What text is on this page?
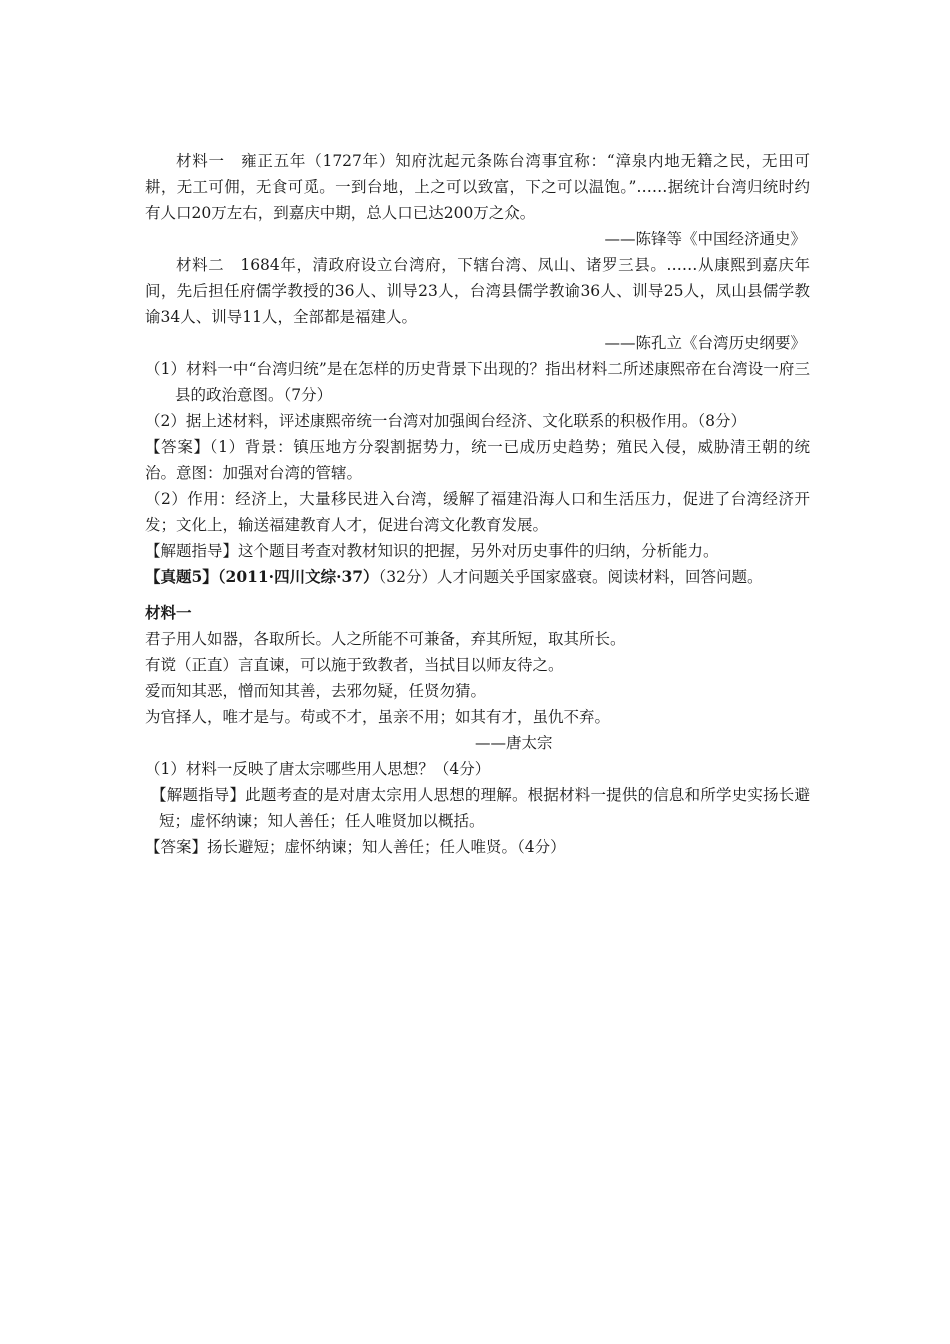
材料一　雍正五年（1727年）知府沈起元条陈台湾事宜称：“漳泉内地无籍之民，无田可耕，无工可佣，无食可觅。一到台地，上之可以致富，下之可以温饱。”……据统计台湾归统时约有人口20万左右，到嘉庆中期，总人口已达200万之众。

——陈锋等《中国经济通史》

材料二　1684年，清政府设立台湾府，下辖台湾、凤山、诸罗三县。……从康熙到嘉庆年间，先后担任府儒学教授的36人、训导23人，台湾县儒学教谕36人、训导25人，凤山县儒学教谕34人、训导11人，全部都是福建人。

——陈孔立《台湾历史纲要》

（1）材料一中“台湾归统”是在怎样的历史背景下出现的？指出材料二所述康熙帝在台湾设一府三县的政治意图。（7分）

（2）据上述材料，评述康熙帝统一台湾对加强闽台经济、文化联系的积极作用。（8分）

【答案】（1）背景：镇压地方分裂割据势力，统一已成历史趋势；殖民入侵，威胁清王朝的统治。意图：加强对台湾的管辖。

（2）作用：经济上，大量移民进入台湾，缓解了福建沿海人口和生活压力，促进了台湾经济开发；文化上，输送福建教育人才，促进台湾文化教育发展。

【解题指导】这个题目考查对教材知识的把握，另外对历史事件的归纳，分析能力。

【真题5】（2011·四川文综·37）（32分）人才问题关乎国家盛衰。阅读材料，回答问题。

材料一

君子用人如器，各取所长。人之所能不可兼备，弃其所短，取其所长。

有谠（正直）言直谏，可以施于致教者，当拭目以师友待之。

爱而知其恶，憎而知其善，去邪勿疑，任贤勿猜。

为官择人，唯才是与。苟或不才，虽亲不用；如其有才，虽仇不弃。

——唐太宗

（1）材料一反映了唐太宗哪些用人思想？（4分）

【解题指导】此题考查的是对唐太宗用人思想的理解。根据材料一提供的信息和所学史实扬长避短；虚怀纳谏；知人善任；任人唯贤加以概括。

【答案】扬长避短；虚怀纳谏；知人善任；任人唯贤。（4分）
